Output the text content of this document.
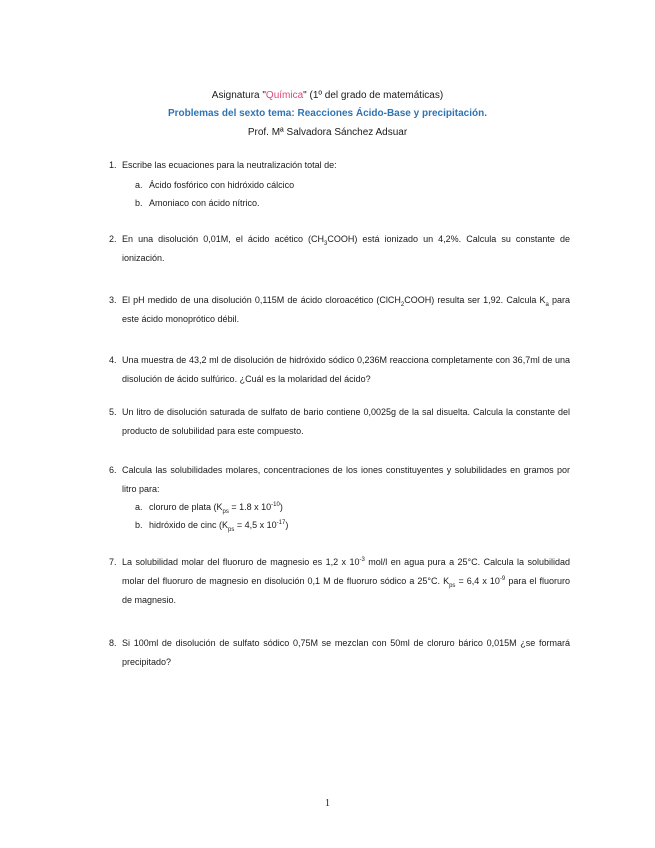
Asignatura "Química" (1º del grado de matemáticas)
Problemas del sexto tema: Reacciones Ácido-Base y precipitación.
Prof. Mª Salvadora Sánchez Adsuar
1. Escribe las ecuaciones para la neutralización total de:
a. Ácido fosfórico con hidróxido cálcico
b. Amoniaco con ácido nítrico.
2. En una disolución 0,01M, el ácido acético $(CH_3COOH)$ está ionizado un 4,2%. Calcula su constante de ionización.
3. El pH medido de una disolución 0,115M de ácido cloroacético (ClCH$_2$COOH) resulta ser 1,92. Calcula $K_a$ para este ácido monoprótico débil.
4. Una muestra de 43,2 ml de disolución de hidróxido sódico 0,236M reacciona completamente con 36,7ml de una disolución de ácido sulfúrico. ¿Cuál es la molaridad del ácido?
5. Un litro de disolución saturada de sulfato de bario contiene 0,0025g de la sal disuelta. Calcula la constante del producto de solubilidad para este compuesto.
6. Calcula las solubilidades molares, concentraciones de los iones constituyentes y solubilidades en gramos por litro para:
a. cloruro de plata ($K_{ps} = 1.8$ x $10^{-10}$)
b. hidróxido de cinc ($K_{ps} = 4,5$ x $10^{-17}$)
7. La solubilidad molar del fluoruro de magnesio es 1,2 x $10^{-3}$ mol/l en agua pura a 25°C. Calcula la solubilidad molar del fluoruro de magnesio en disolución 0,1 M de fluoruro sódico a 25°C. $K_{ps} = 6,4$ x $10^{-9}$ para el fluoruro de magnesio.
8. Si 100ml de disolución de sulfato sódico 0,75M se mezclan con 50ml de cloruro bárico 0,015M ¿se formará precipitado?
1
